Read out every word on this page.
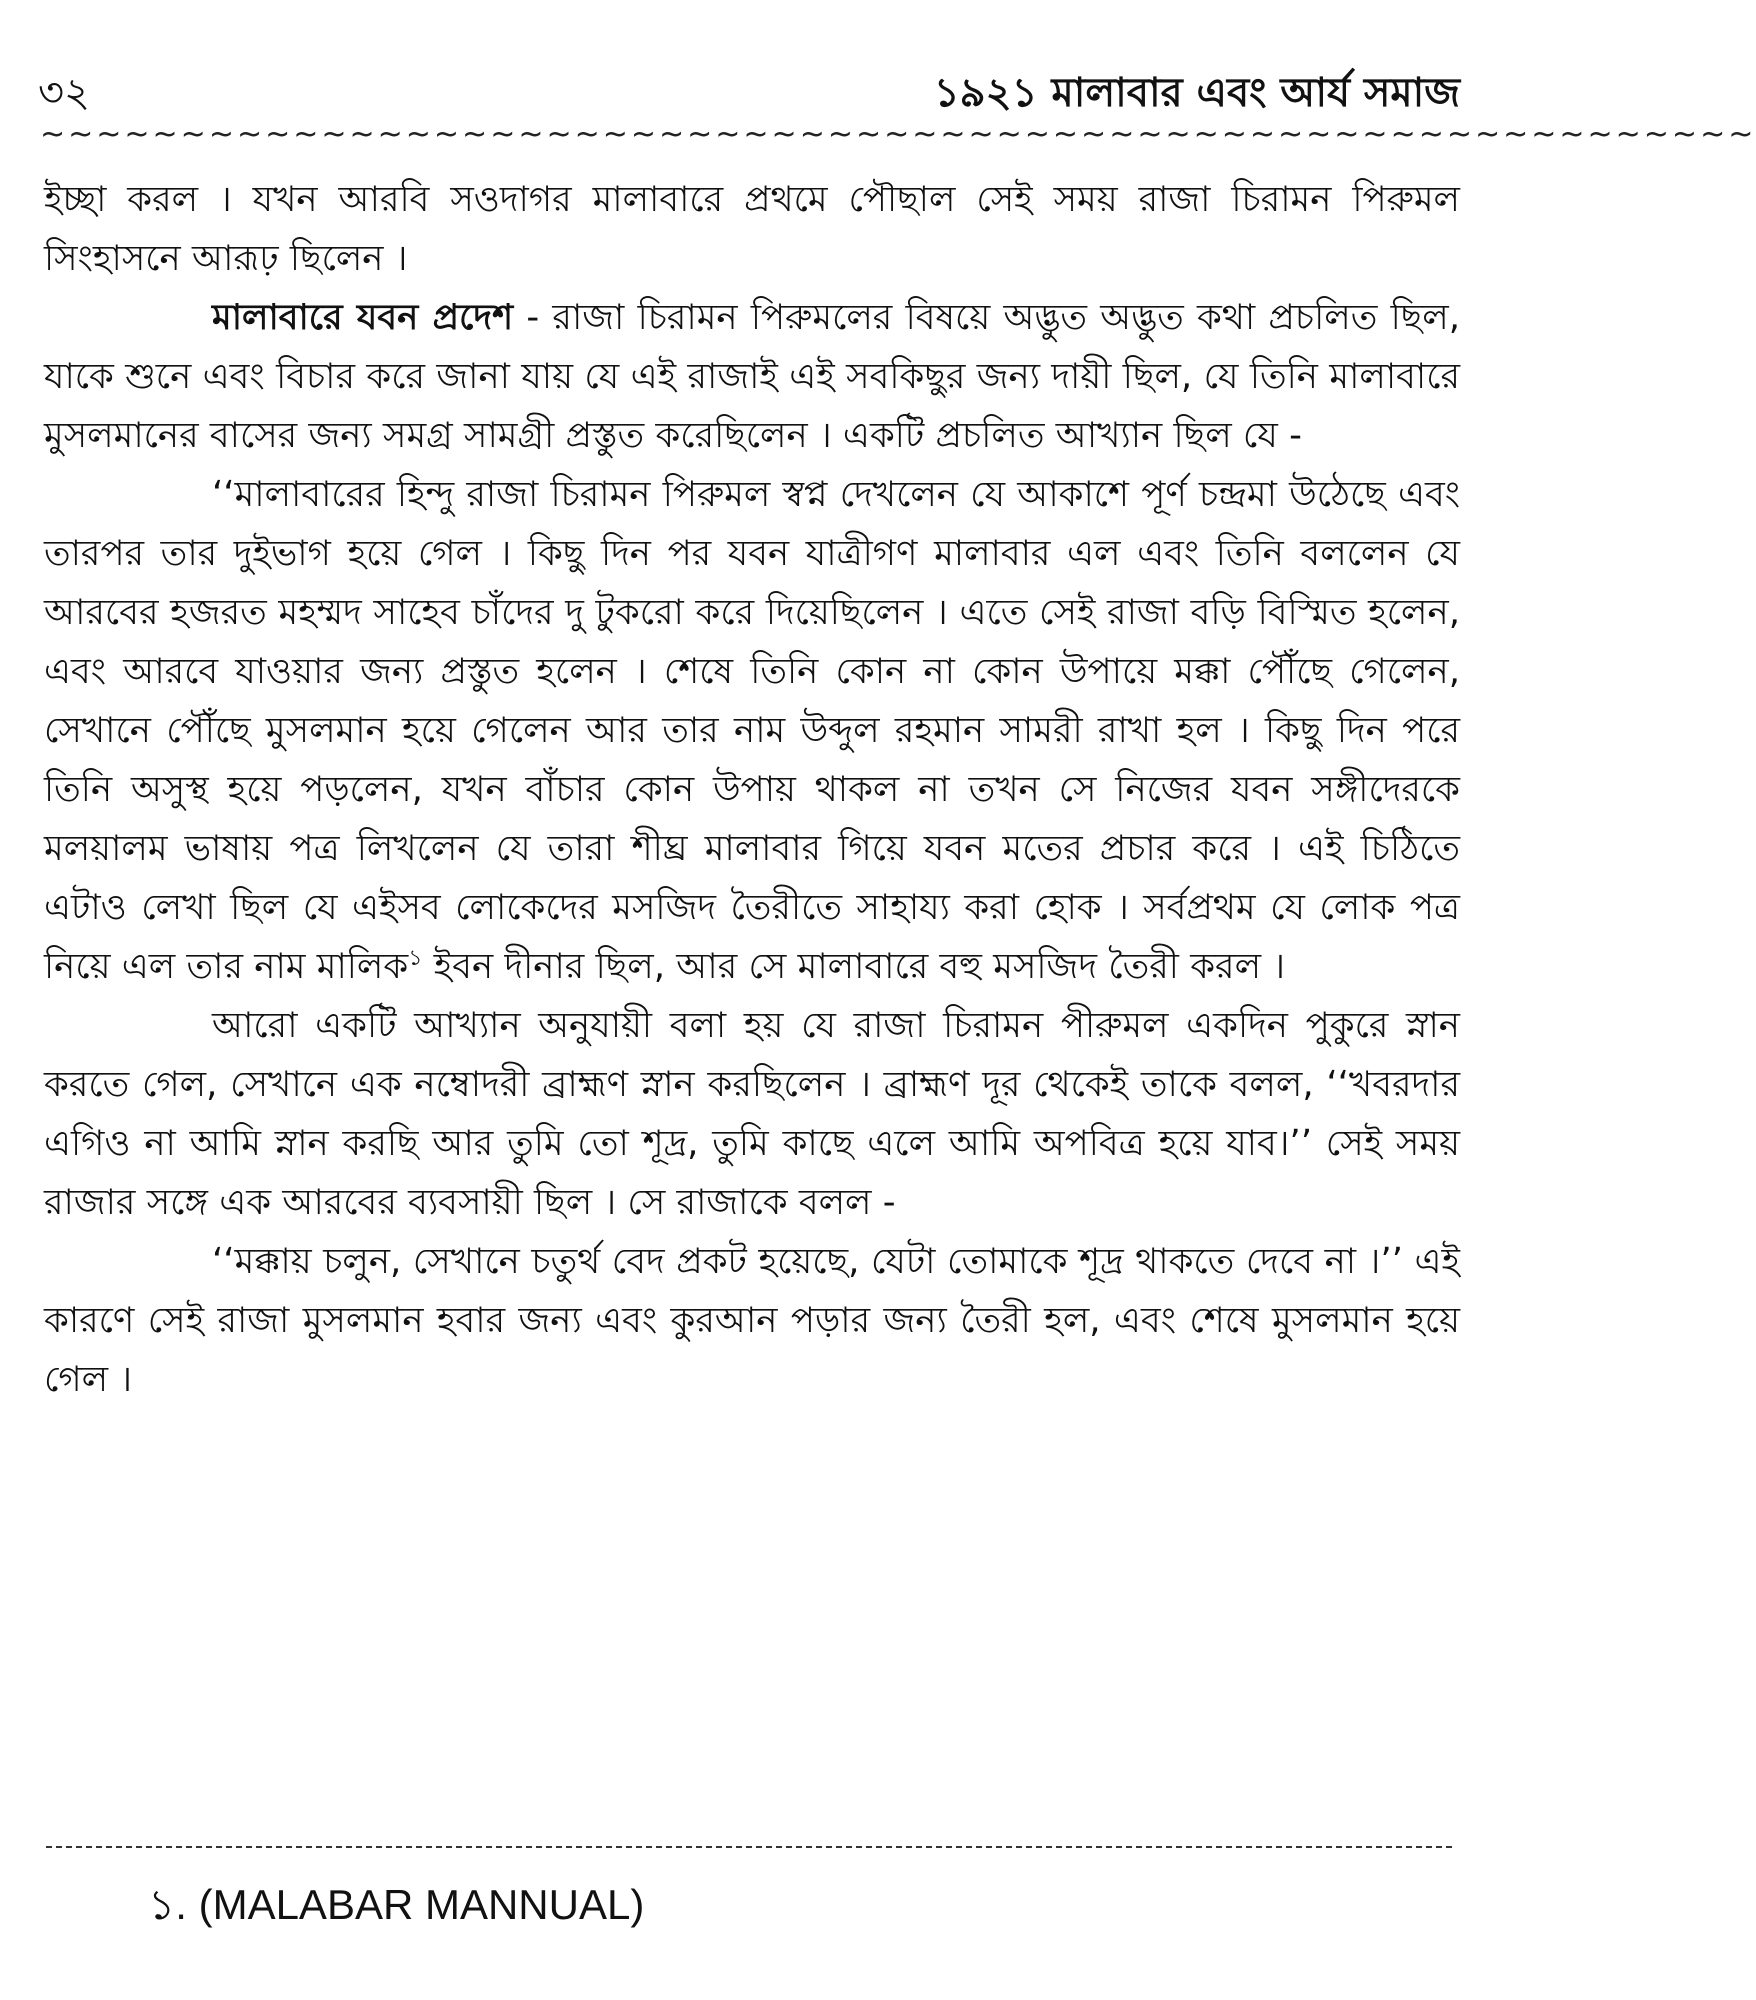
৩২	১৯২১ মালাবার এবং আর্য সমাজ
~~~~~~~~~~~~~~~~~~~~~~~~~~~~~~~~~~~~~~~~~~~~~~~~~~~~~~~~~~~~~

ইচ্ছা করল । যখন আরবি সওদাগর মালাবারে প্রথমে পৌছাল সেই সময় রাজা চিরামন পিরুমল সিংহাসনে আরূঢ় ছিলেন ।

মালাবারে যবন প্রদেশ - রাজা চিরামন পিরুমলের বিষয়ে অদ্ভুত অদ্ভুত কথা প্রচলিত ছিল, যাকে শুনে এবং বিচার করে জানা যায় যে এই রাজাই এই সবকিছুর জন্য দায়ী ছিল, যে তিনি মালাবারে মুসলমানের বাসের জন্য সমগ্র সামগ্রী প্রস্তুত করেছিলেন । একটি প্রচলিত আখ্যান ছিল যে -

‘‘মালাবারের হিন্দু রাজা চিরামন পিরুমল স্বপ্ন দেখলেন যে আকাশে পূর্ণ চন্দ্রমা উঠেছে এবং তারপর তার দুইভাগ হয়ে গেল । কিছু দিন পর যবন যাত্রীগণ মালাবার এল এবং তিনি বললেন যে আরবের হজরত মহম্মদ সাহেব চাঁদের দু টুকরো করে দিয়েছিলেন । এতে সেই রাজা বড়ি বিস্মিত হলেন, এবং আরবে যাওয়ার জন্য প্রস্তুত হলেন । শেষে তিনি কোন না কোন উপায়ে মক্কা পৌঁছে গেলেন, সেখানে পৌঁছে মুসলমান হয়ে গেলেন আর তার নাম উব্দুল রহমান সামরী রাখা হল । কিছু দিন পরে তিনি অসুস্থ হয়ে পড়লেন, যখন বাঁচার কোন উপায় থাকল না তখন সে নিজের যবন সঙ্গীদেরকে মলয়ালম ভাষায় পত্র লিখলেন যে তারা শীঘ্র মালাবার গিয়ে যবন মতের প্রচার করে । এই চিঠিতে এটাও লেখা ছিল যে এইসব লোকেদের মসজিদ তৈরীতে সাহায্য করা হোক । সর্বপ্রথম যে লোক পত্র নিয়ে এল তার নাম মালিক$^১$ ইবন দীনার ছিল, আর সে মালাবারে বহু মসজিদ তৈরী করল ।

আরো একটি আখ্যান অনুযায়ী বলা হয় যে রাজা চিরামন পীরুমল একদিন পুকুরে স্নান করতে গেল, সেখানে এক নম্বোদরী ব্রাহ্মণ স্নান করছিলেন । ব্রাহ্মণ দূর থেকেই তাকে বলল, ‘‘খবরদার এগিও না আমি স্নান করছি আর তুমি তো শূদ্র, তুমি কাছে এলে আমি অপবিত্র হয়ে যাব।’’ সেই সময় রাজার সঙ্গে এক আরবের ব্যবসায়ী ছিল । সে রাজাকে বলল -

‘‘মক্কায় চলুন, সেখানে চতুর্থ বেদ প্রকট হয়েছে, যেটা তোমাকে শূদ্র থাকতে দেবে না ।’’ এই কারণে সেই রাজা মুসলমান হবার জন্য এবং কুরআন পড়ার জন্য তৈরী হল, এবং শেষে মুসলমান হয়ে গেল ।

১. (MALABAR MANNUAL)
